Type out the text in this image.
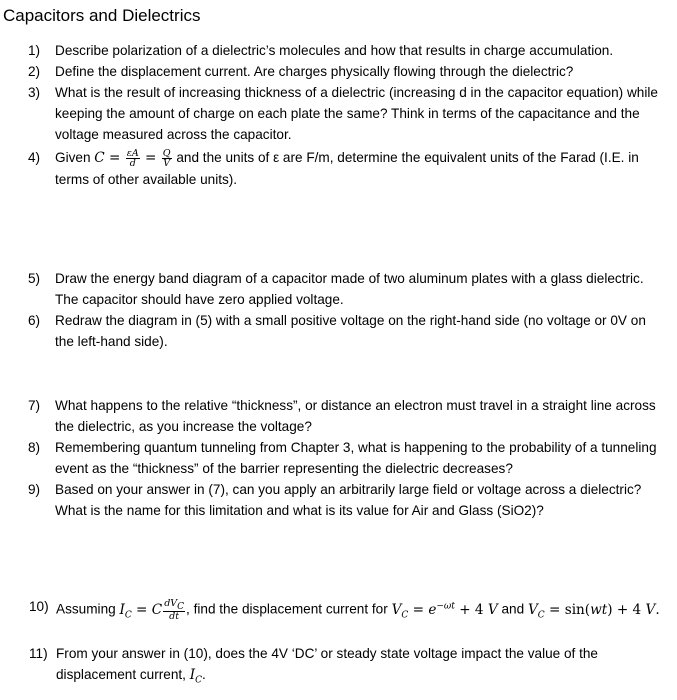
Capacitors and Dielectrics
1) Describe polarization of a dielectric’s molecules and how that results in charge accumulation.
2) Define the displacement current. Are charges physically flowing through the dielectric?
3) What is the result of increasing thickness of a dielectric (increasing d in the capacitor equation) while keeping the amount of charge on each plate the same? Think in terms of the capacitance and the voltage measured across the capacitor.
4) Given $C = \frac{\varepsilon A}{d} = \frac{Q}{V}$ and the units of ε are F/m, determine the equivalent units of the Farad (I.E. in terms of other available units).
5) Draw the energy band diagram of a capacitor made of two aluminum plates with a glass dielectric. The capacitor should have zero applied voltage.
6) Redraw the diagram in (5) with a small positive voltage on the right-hand side (no voltage or 0V on the left-hand side).
7) What happens to the relative “thickness”, or distance an electron must travel in a straight line across the dielectric, as you increase the voltage?
8) Remembering quantum tunneling from Chapter 3, what is happening to the probability of a tunneling event as the “thickness” of the barrier representing the dielectric decreases?
9) Based on your answer in (7), can you apply an arbitrarily large field or voltage across a dielectric? What is the name for this limitation and what is its value for Air and Glass (SiO2)?
10) Assuming $I_C = C \frac{dV_C}{dt}$ , find the displacement current for $V_C = e^{-\omega t} + 4$ V and $V_C = \sin(wt) + 4$ V.
11) From your answer in (10), does the 4V ‘DC’ or steady state voltage impact the value of the displacement current, $I_C$.
